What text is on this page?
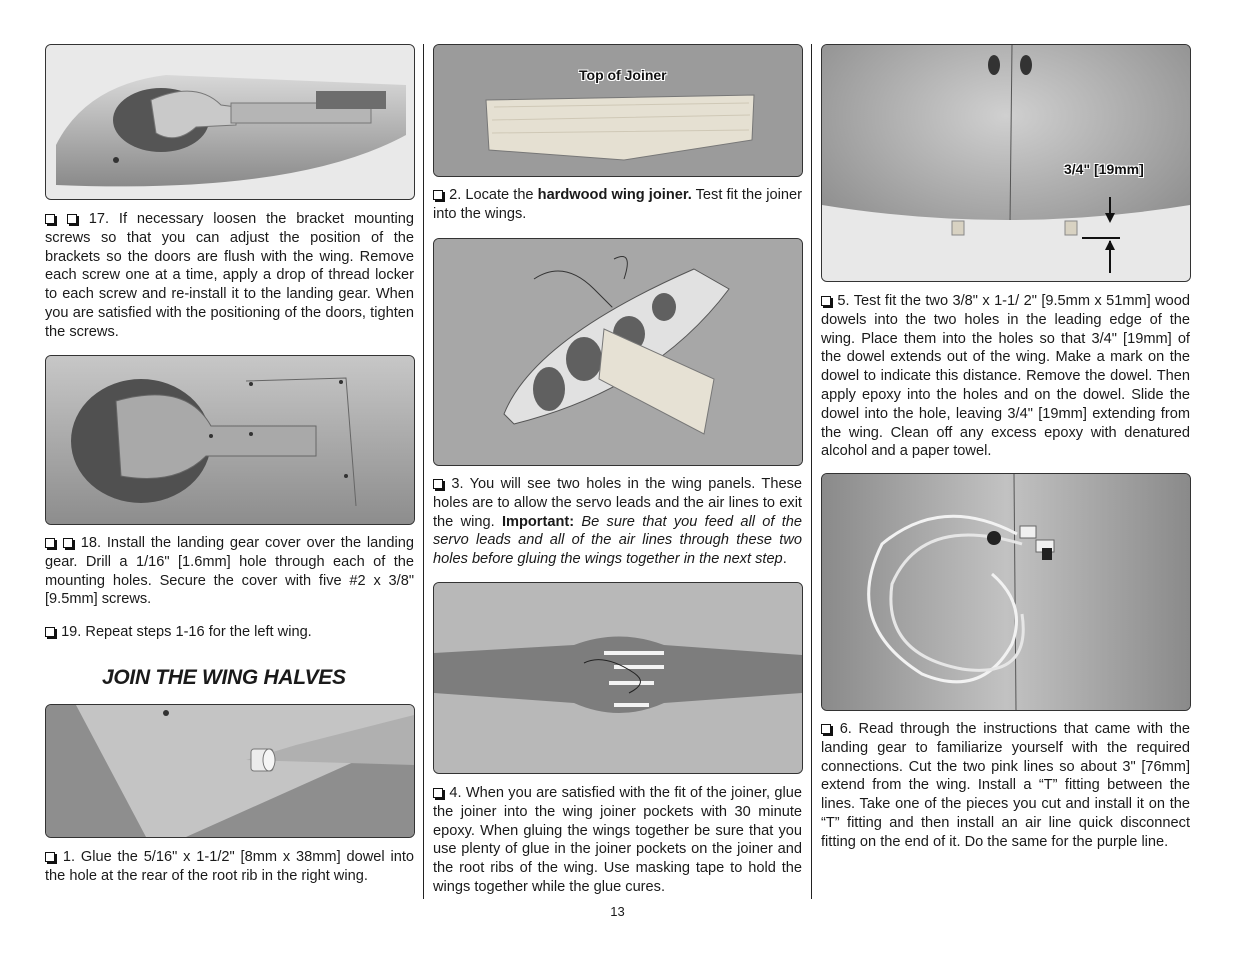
17. If necessary loosen the bracket mounting screws so that you can adjust the position of the brackets so the doors are flush with the wing. Remove each screw one at a time, apply a drop of thread locker to each screw and re-install it to the landing gear. When you are satisfied with the positioning of the doors, tighten the screws.

18. Install the landing gear cover over the landing gear. Drill a 1/16" [1.6mm] hole through each of the mounting holes. Secure the cover with five #2 x 3/8" [9.5mm] screws.

19. Repeat steps 1-16 for the left wing.

JOIN THE WING HALVES

1. Glue the 5/16" x 1-1/2" [8mm x 38mm] dowel into the hole at the rear of the root rib in the right wing.

Top of Joiner

2. Locate the hardwood wing joiner. Test fit the joiner into the wings.

3. You will see two holes in the wing panels. These holes are to allow the servo leads and the air lines to exit the wing. Important: Be sure that you feed all of the servo leads and all of the air lines through these two holes before gluing the wings together in the next step.

4. When you are satisfied with the fit of the joiner, glue the joiner into the wing joiner pockets with 30 minute epoxy. When gluing the wings together be sure that you use plenty of glue in the joiner pockets on the joiner and the root ribs of the wing. Use masking tape to hold the wings together while the glue cures.

3/4" [19mm]

5. Test fit the two 3/8" x 1-1/ 2" [9.5mm x 51mm] wood dowels into the two holes in the leading edge of the wing. Place them into the holes so that 3/4" [19mm] of the dowel extends out of the wing. Make a mark on the dowel to indicate this distance. Remove the dowel. Then apply epoxy into the holes and on the dowel. Slide the dowel into the hole, leaving 3/4" [19mm] extending from the wing. Clean off any excess epoxy with denatured alcohol and a paper towel.

6. Read through the instructions that came with the landing gear to familiarize yourself with the required connections. Cut the two pink lines so about 3" [76mm] extend from the wing. Install a “T” fitting between the lines. Take one of the pieces you cut and install it on the “T” fitting and then install an air line quick disconnect fitting on the end of it. Do the same for the purple line.

13
